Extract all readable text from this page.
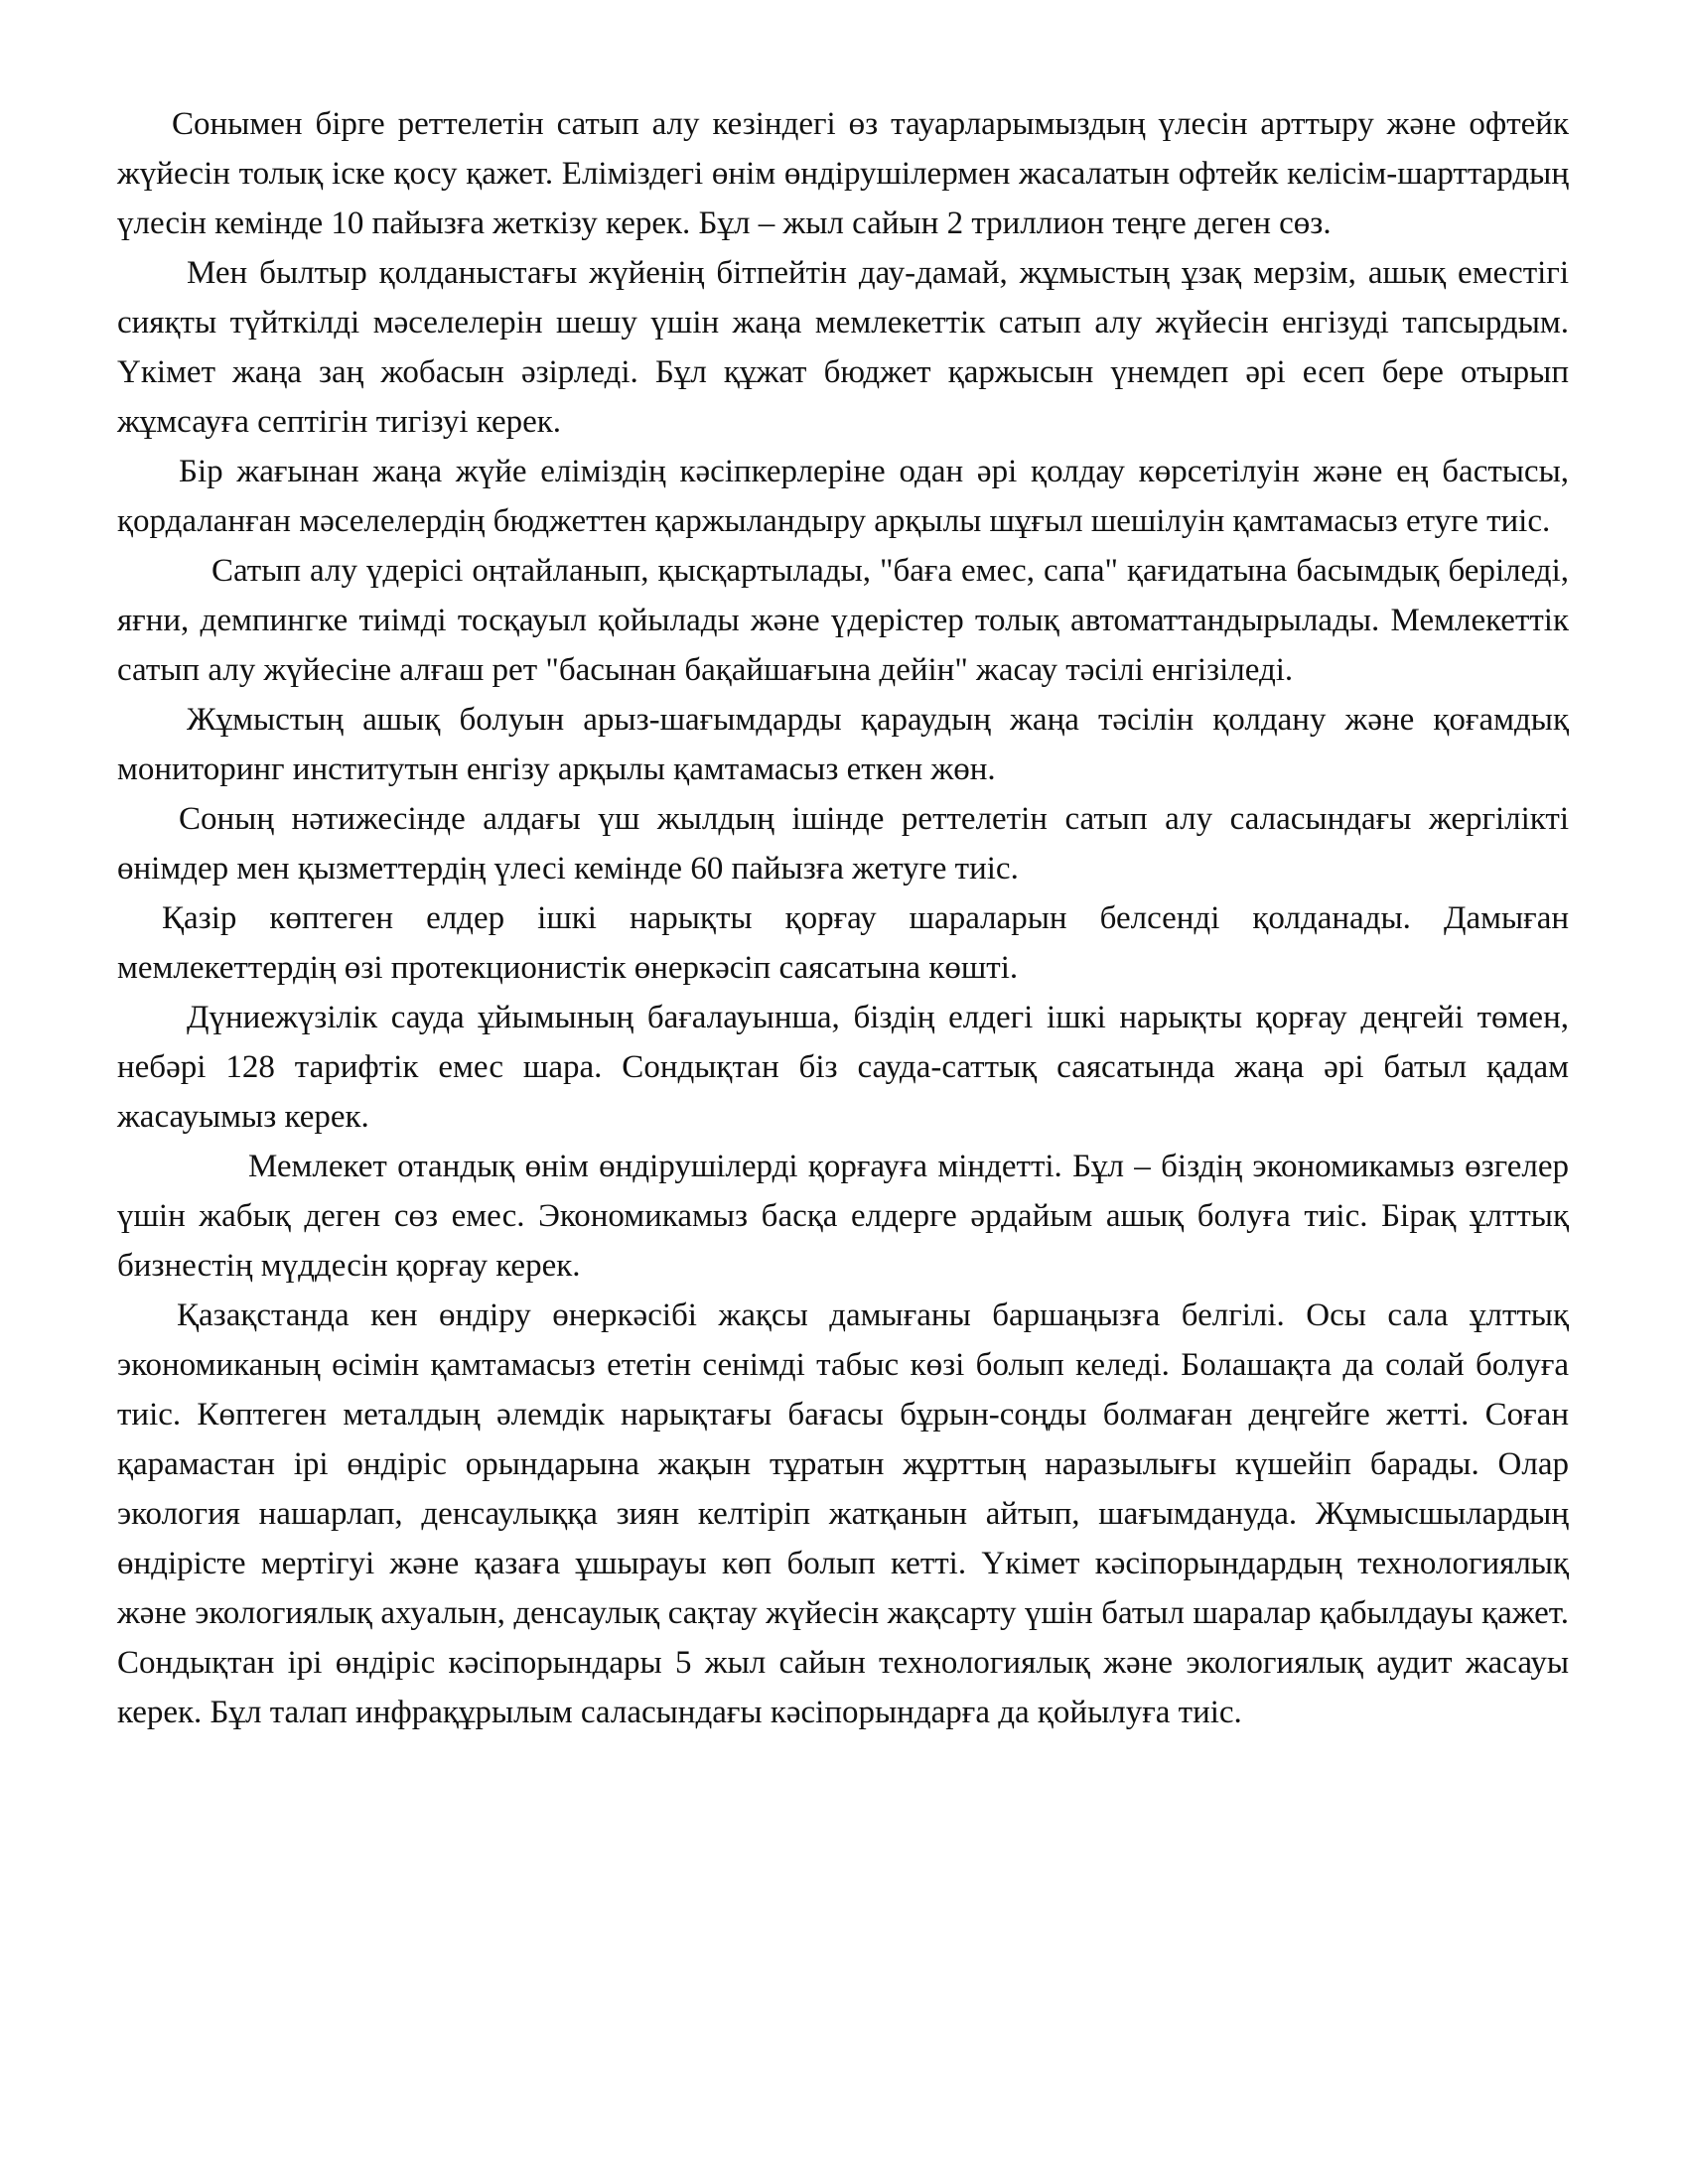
Сонымен бірге реттелетін сатып алу кезіндегі өз тауарларымыздың үлесін арттыру және офтейк жүйесін толық іске қосу қажет. Еліміздегі өнім өндірушілермен жасалатын офтейк келісім-шарттардың үлесін кемінде 10 пайызға жеткізу керек. Бұл – жыл сайын 2 триллион теңге деген сөз.

Мен былтыр қолданыстағы жүйенің бітпейтін дау-дамай, жұмыстың ұзақ мерзім, ашық еместігі сияқты түйткілді мәселелерін шешу үшін жаңа мемлекеттік сатып алу жүйесін енгізуді тапсырдым. Үкімет жаңа заң жобасын әзірледі. Бұл құжат бюджет қаржысын үнемдеп әрі есеп бере отырып жұмсауға септігін тигізуі керек.

Бір жағынан жаңа жүйе еліміздің кәсіпкерлеріне одан әрі қолдау көрсетілуін және ең бастысы, қордаланған мәселелердің бюджеттен қаржыландыру арқылы шұғыл шешілуін қамтамасыз етуге тиіс.

Сатып алу үдерісі оңтайланып, қысқартылады, "баға емес, сапа" қағидатына басымдық беріледі, яғни, демпингке тиімді тосқауыл қойылады және үдерістер толық автоматтандырылады. Мемлекеттік сатып алу жүйесіне алғаш рет "басынан бақайшағына дейін" жасау тәсілі енгізіледі.

Жұмыстың ашық болуын арыз-шағымдарды қараудың жаңа тәсілін қолдану және қоғамдық мониторинг институтын енгізу арқылы қамтамасыз еткен жөн.

Соның нәтижесінде алдағы үш жылдың ішінде реттелетін сатып алу саласындағы жергілікті өнімдер мен қызметтердің үлесі кемінде 60 пайызға жетуге тиіс.

Қазір көптеген елдер ішкі нарықты қорғау шараларын белсенді қолданады. Дамыған мемлекеттердің өзі протекционистік өнеркәсіп саясатына көшті.

Дүниежүзілік сауда ұйымының бағалауынша, біздің елдегі ішкі нарықты қорғау деңгейі төмен, небәрі 128 тарифтік емес шара. Сондықтан біз сауда-саттық саясатында жаңа әрі батыл қадам жасауымыз керек.

Мемлекет отандық өнім өндірушілерді қорғауға міндетті. Бұл – біздің экономикамыз өзгелер үшін жабық деген сөз емес. Экономикамыз басқа елдерге әрдайым ашық болуға тиіс. Бірақ ұлттық бизнестің мүддесін қорғау керек.

Қазақстанда кен өндіру өнеркәсібі жақсы дамығаны баршаңызға белгілі. Осы сала ұлттық экономиканың өсімін қамтамасыз ететін сенімді табыс көзі болып келеді. Болашақта да солай болуға тиіс. Көптеген металдың әлемдік нарықтағы бағасы бұрын-соңды болмаған деңгейге жетті. Соған қарамастан ірі өндіріс орындарына жақын тұратын жұрттың наразылығы күшейіп барады. Олар экология нашарлап, денсаулыққа зиян келтіріп жатқанын айтып, шағымдануда. Жұмысшылардың өндірісте мертігуі және қазаға ұшырауы көп болып кетті. Үкімет кәсіпорындардың технологиялық және экологиялық ахуалын, денсаулық сақтау жүйесін жақсарту үшін батыл шаралар қабылдауы қажет. Сондықтан ірі өндіріс кәсіпорындары 5 жыл сайын технологиялық және экологиялық аудит жасауы керек. Бұл талап инфрақұрылым саласындағы кәсіпорындарға да қойылуға тиіс.
